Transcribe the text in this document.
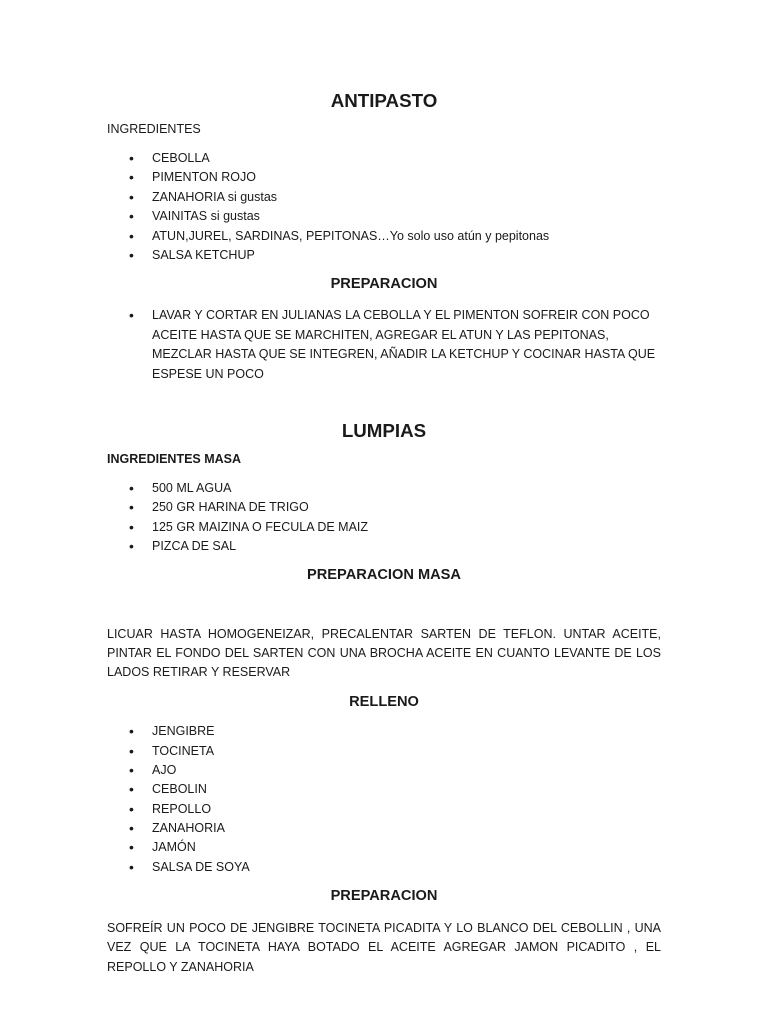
ANTIPASTO
INGREDIENTES
• CEBOLLA
• PIMENTON ROJO
• ZANAHORIA si gustas
• VAINITAS si gustas
• ATUN,JUREL, SARDINAS, PEPITONAS…Yo solo uso atún y pepitonas
• SALSA KETCHUP
PREPARACION
• LAVAR Y CORTAR EN JULIANAS LA CEBOLLA Y EL PIMENTON SOFREIR CON POCO ACEITE HASTA QUE SE MARCHITEN, AGREGAR EL ATUN Y LAS PEPITONAS, MEZCLAR HASTA QUE SE INTEGREN, AÑADIR LA KETCHUP Y COCINAR HASTA QUE ESPESE UN POCO
LUMPIAS
INGREDIENTES MASA
• 500 ML AGUA
• 250 GR HARINA DE TRIGO
• 125 GR MAIZINA O FECULA DE MAIZ
• PIZCA DE SAL
PREPARACION MASA

LICUAR HASTA HOMOGENEIZAR, PRECALENTAR SARTEN DE TEFLON. UNTAR ACEITE, PINTAR EL FONDO DEL SARTEN CON UNA BROCHA ACEITE EN CUANTO LEVANTE DE LOS LADOS RETIRAR Y RESERVAR

RELLENO
• JENGIBRE
• TOCINETA
• AJO
• CEBOLIN
• REPOLLO
• ZANAHORIA
• JAMÓN
• SALSA DE SOYA
PREPARACION

SOFREÍR UN POCO DE JENGIBRE TOCINETA PICADITA Y LO BLANCO DEL CEBOLLIN , UNA VEZ QUE LA TOCINETA HAYA BOTADO EL ACEITE AGREGAR JAMON PICADITO , EL REPOLLO Y ZANAHORIA
